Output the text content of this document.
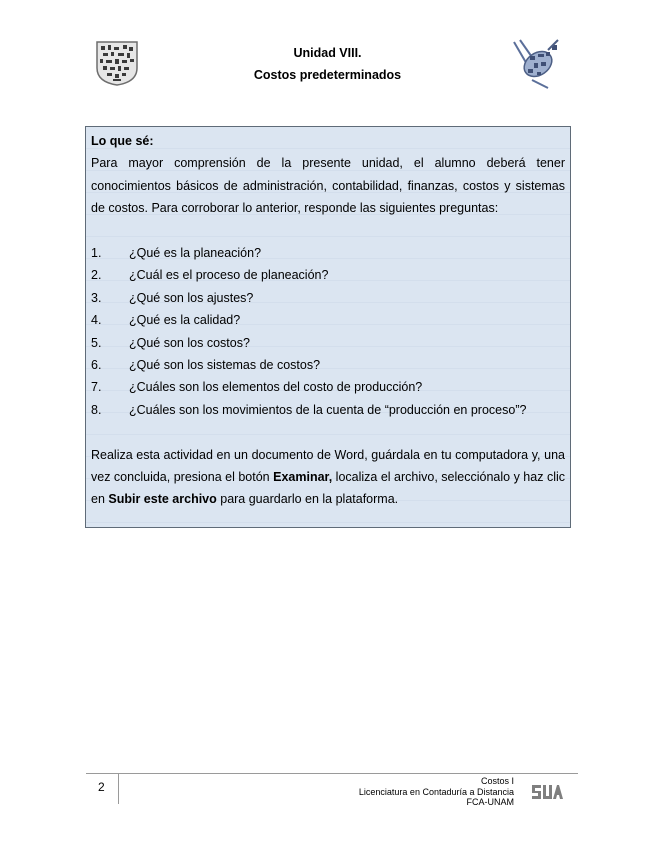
Unidad VIII.
Costos predeterminados
Lo que sé:
Para mayor comprensión de la presente unidad, el alumno deberá tener conocimientos básicos de administración, contabilidad, finanzas, costos y sistemas de costos. Para corroborar lo anterior, responde las siguientes preguntas:
1.	¿Qué es la planeación?
2.	¿Cuál es el proceso de planeación?
3.	¿Qué son los ajustes?
4.	¿Qué es la calidad?
5.	¿Qué son los costos?
6.	¿Qué son los sistemas de costos?
7.	¿Cuáles son los elementos del costo de producción?
8.	¿Cuáles son los movimientos de la cuenta de “producción en proceso”?
Realiza esta actividad en un documento de Word, guárdala en tu computadora y, una vez concluida, presiona el botón Examinar, localiza el archivo, selecciónalo y haz clic en Subir este archivo para guardarlo en la plataforma.
2	Costos I
Licenciatura en Contaduría a Distancia
FCA-UNAM
